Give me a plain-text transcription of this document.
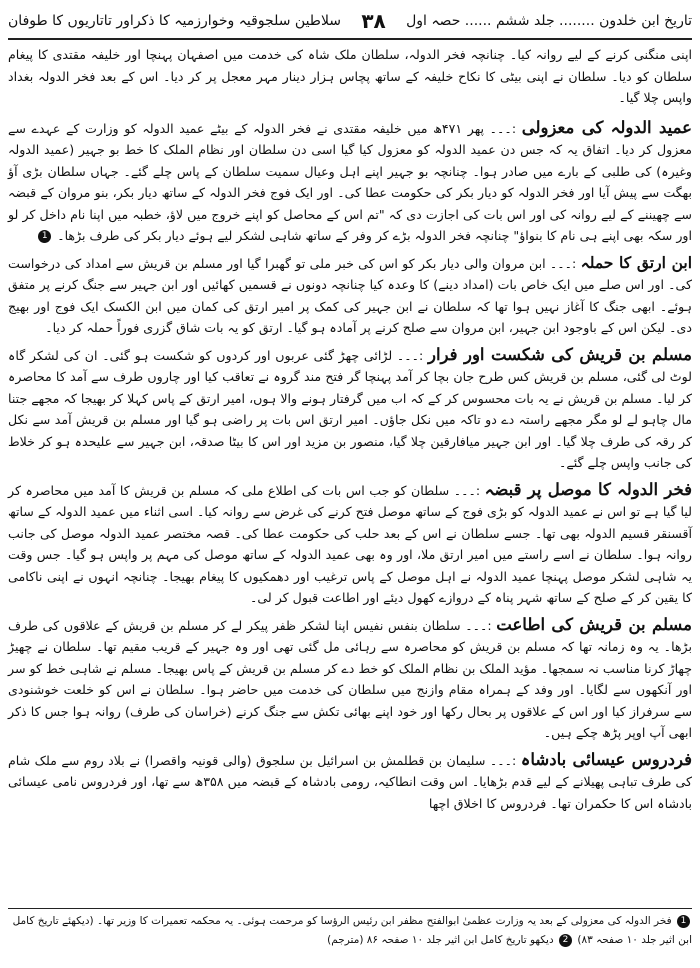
سلاطین سلجوقیہ وخوارزمیہ کا ذکراور تاتاریوں کا طوفان ۳۸	تاریخ ابن خلدون ........ جلد ششم ...... حصہ اول

اپنی منگنی کرنے کے لیے روانہ کیا۔ چنانچہ فخر الدولہ، سلطان ملک شاہ کی خدمت میں اصفہان پہنچا اور خلیفہ مقتدی کا پیغام سلطان کو دیا۔ سلطان نے اپنی بیٹی کا نکاح خلیفہ کے ساتھ پچاس ہزار دینار مہر معجل پر کر دیا۔ اس کے بعد فخر الدولہ بغداد واپس چلا گیا۔

عمید الدولہ کی معزولی :۔۔۔ پھر ۴۷۱ھ میں خلیفہ مقتدی نے فخر الدولہ کے بیٹے عمید الدولہ کو وزارت کے عہدے سے معزول کر دیا۔ اتفاق یہ کہ جس دن عمید الدولہ کو معزول کیا گیا اسی دن سلطان اور نظام الملک کا خط بو جہیر (عمید الدولہ وغیرہ) کی طلبی کے بارے میں صادر ہوا۔ چنانچہ بو جہیر اپنے اہل وعیال سمیت سلطان کے پاس چلے گئے۔ جہاں سلطان بڑی آؤ بھگت سے پیش آیا اور فخر الدولہ کو دیار بکر کی حکومت عطا کی۔ اور ایک فوج فخر الدولہ کے ساتھ دیار بکر، بنو مروان کے قبضہ سے چھیننے کے لیے روانہ کی اور اس بات کی اجازت دی کہ "تم اس کے محاصل کو اپنے خروج میں لاؤ، خطبہ میں اپنا نام داخل کر لو اور سکہ بھی اپنے ہی نام کا بنواؤ" چنانچہ فخر الدولہ بڑے کر وفر کے ساتھ شاہی لشکر لیے ہوئے دیار بکر کی طرف بڑھا۔ 1

ابن ارتق کا حملہ :۔۔۔ ابن مروان والی دیار بکر کو اس کی خبر ملی تو گھبرا گیا اور مسلم بن قریش سے امداد کی درخواست کی۔ اور اس صلے میں ایک خاص بات (امداد دینے) کا وعدہ کیا چنانچہ دونوں نے قسمیں کھائیں اور ابن جہیر سے جنگ کرنے پر متفق ہوئے۔ ابھی جنگ کا آغاز نہیں ہوا تھا کہ سلطان نے ابن جہیر کی کمک پر امیر ارتق کی کمان میں ابن الکسک ایک فوج اور بھیج دی۔ لیکن اس کے باوجود ابن جہیر، ابن مروان سے صلح کرنے پر آمادہ ہو گیا۔ ارتق کو یہ بات شاق گزری فوراً حملہ کر دیا۔

مسلم بن قریش کی شکست اور فرار :۔۔۔ لڑائی چھڑ گئی عربوں اور کردوں کو شکست ہو گئی۔ ان کی لشکر گاہ لوٹ لی گئی، مسلم بن قریش کس طرح جان بچا کر آمد پہنچا گر فتح مند گروہ نے تعاقب کیا اور چاروں طرف سے آمد کا محاصرہ کر لیا۔ مسلم بن قریش نے یہ بات محسوس کر کے کہ اب میں گرفتار ہونے والا ہوں، امیر ارتق کے پاس کہلا کر بھیجا کہ مجھے جتنا مال چاہو لے لو مگر مجھے راستہ دے دو تاکہ میں نکل جاؤں۔ امیر ارتق اس بات پر راضی ہو گیا اور مسلم بن قریش آمد سے نکل کر رقہ کی طرف چلا گیا۔ اور ابن جہیر میافارقین چلا گیا، منصور بن مزید اور اس کا بیٹا صدقہ، ابن جہیر سے علیحدہ ہو کر خلاط کی جانب واپس چلے گئے۔

فخر الدولہ کا موصل پر قبضہ :۔۔۔ سلطان کو جب اس بات کی اطلاع ملی کہ مسلم بن قریش کا آمد میں محاصرہ کر لیا گیا ہے تو اس نے عمید الدولہ کو بڑی فوج کے ساتھ موصل فتح کرنے کی غرض سے روانہ کیا۔ اسی اثناء میں عمید الدولہ کے ساتھ آقسنقر قسیم الدولہ بھی تھا۔ جسے سلطان نے اس کے بعد حلب کی حکومت عطا کی۔ قصہ مختصر عمید الدولہ موصل کی جانب روانہ ہوا۔ سلطان نے اسے راستے میں امیر ارتق ملا، اور وہ بھی عمید الدولہ کے ساتھ موصل کی مہم پر واپس ہو گیا۔ جس وقت یہ شاہی لشکر موصل پہنچا عمید الدولہ نے اہل موصل کے پاس ترغیب اور دھمکیوں کا پیغام بھیجا۔ چنانچہ انہوں نے اپنی ناکامی کا یقین کر کے صلح کے ساتھ شہر پناہ کے دروازے کھول دیئے اور اطاعت قبول کر لی۔

مسلم بن قریش کی اطاعت :۔۔۔ سلطان بنفس نفیس اپنا لشکر ظفر پیکر لے کر مسلم بن قریش کے علاقوں کی طرف بڑھا۔ یہ وہ زمانہ تھا کہ مسلم بن قریش کو محاصرہ سے رہائی مل گئی تھی اور وہ جہیر کے قریب مقیم تھا۔ سلطان نے چھیڑ چھاڑ کرنا مناسب نہ سمجھا۔ مؤید الملک بن نظام الملک کو خط دے کر مسلم بن قریش کے پاس بھیجا۔ مسلم نے شاہی خط کو سر اور آنکھوں سے لگایا۔ اور وفد کے ہمراہ مقام وازنج میں سلطان کی خدمت میں حاضر ہوا۔ سلطان نے اس کو خلعت خوشنودی سے سرفراز کیا اور اس کے علاقوں پر بحال رکھا اور خود اپنے بھائی تکش سے جنگ کرنے (خراسان کی طرف) روانہ ہوا جس کا ذکر ابھی آپ اوپر پڑھ چکے ہیں۔

فردروس عیسائی بادشاہ :۔۔۔ سلیمان بن قطلمش بن اسرائیل بن سلجوق (والی قونیہ واقصرا) نے بلاد روم سے ملک شام کی طرف تباہی پھیلانے کے لیے قدم بڑھایا۔ اس وقت انطاکیہ، رومی بادشاہ کے قبضہ میں ۳۵۸ھ سے تھا، اور فردروس نامی عیسائی بادشاہ اس کا حکمران تھا۔ فردروس کا اخلاق اچھا

1 فخر الدولہ کی معزولی کے بعد یہ وزارت عظمیٰ ابوالفتح مظفر ابن رئیس الرؤسا کو مرحمت ہوئی۔ یہ محکمہ تعمیرات کا وزیر تھا۔ (دیکھئے تاریخ کامل ابن اثیر جلد ۱۰ صفحہ ۸۳) 2 دیکھو تاریخ کامل ابن اثیر جلد ۱۰ صفحہ ۸۶ (مترجم)
